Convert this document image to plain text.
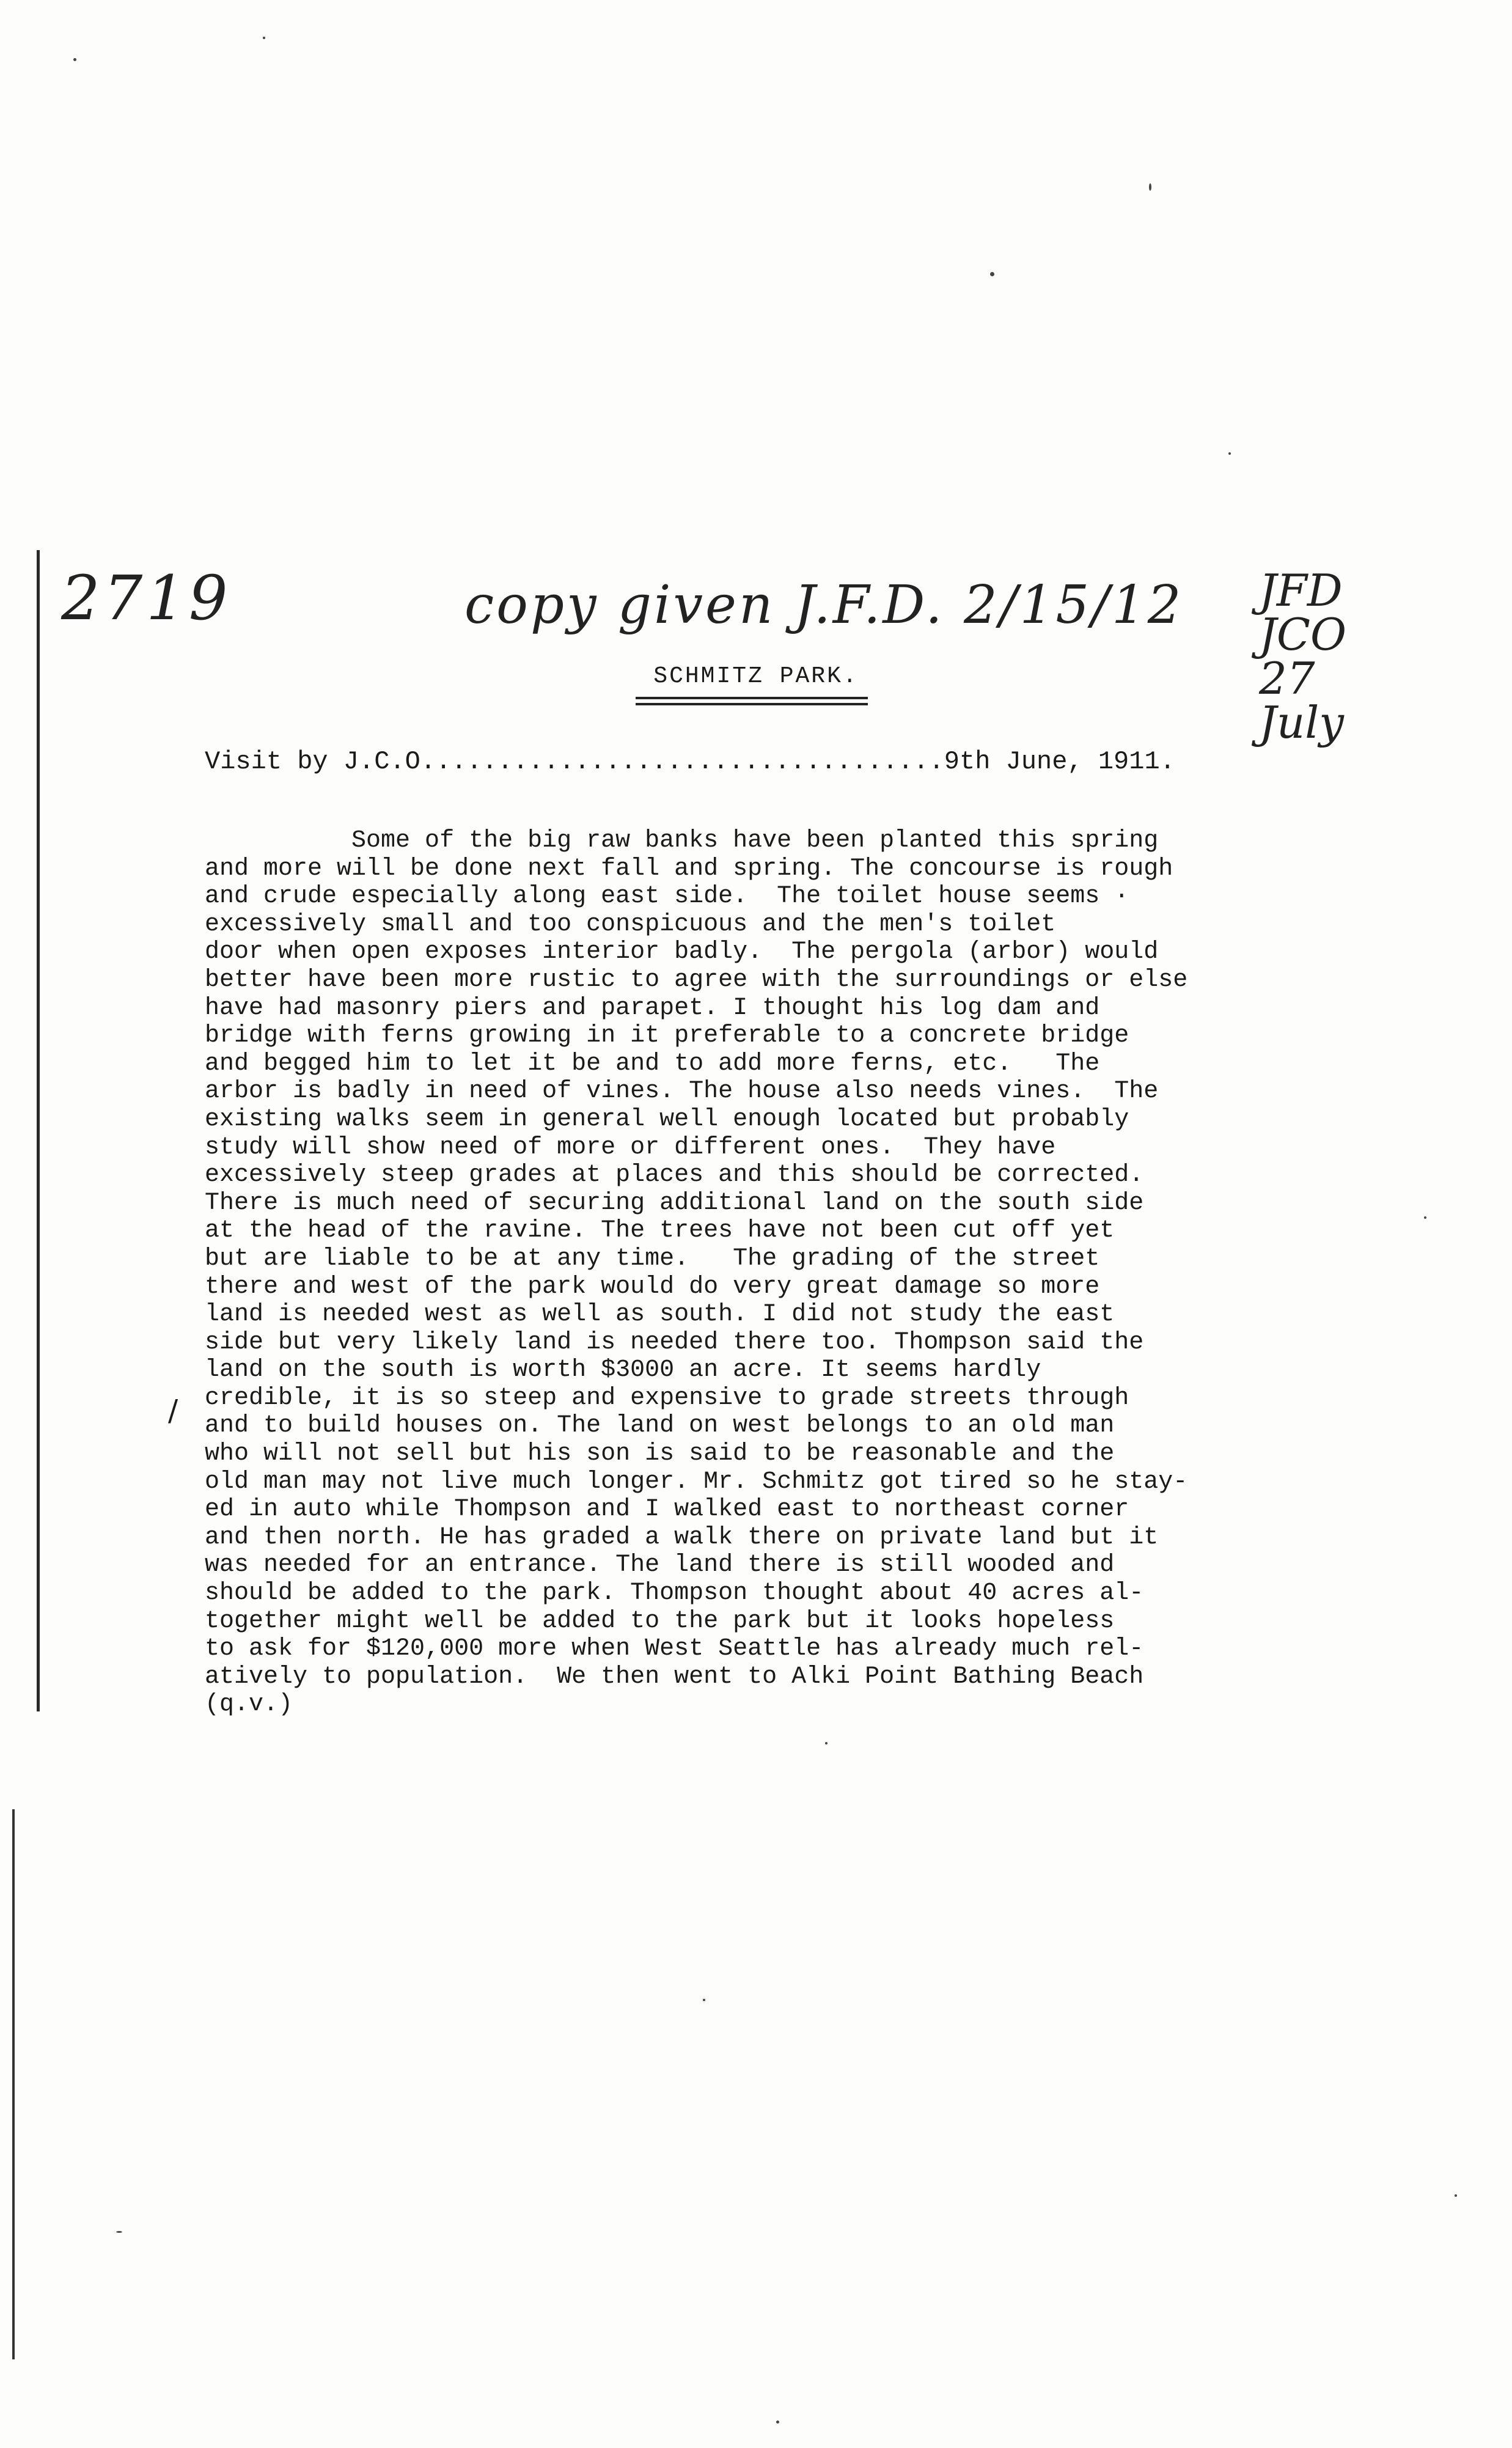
2719	copy given J.F.D. 2/15/12 JFD
JCO
27 July
SCHMITZ PARK.
Visit by J.C.O..................................9th June, 1911.
Some of the big raw banks have been planted this spring
and more will be done next fall and spring. The concourse is rough
and crude especially along east side.  The toilet house seems ·
excessively small and too conspicuous and the men's toilet
door when open exposes interior badly.  The pergola (arbor) would
better have been more rustic to agree with the surroundings or else
have had masonry piers and parapet. I thought his log dam and
bridge with ferns growing in it preferable to a concrete bridge
and begged him to let it be and to add more ferns, etc.   The
arbor is badly in need of vines. The house also needs vines.  The
existing walks seem in general well enough located but probably
study will show need of more or different ones.  They have
excessively steep grades at places and this should be corrected.
There is much need of securing additional land on the south side
at the head of the ravine. The trees have not been cut off yet
but are liable to be at any time.   The grading of the street
there and west of the park would do very great damage so more
land is needed west as well as south. I did not study the east
side but very likely land is needed there too. Thompson said the
land on the south is worth $3000 an acre. It seems hardly
credible, it is so steep and expensive to grade streets through
and to build houses on. The land on west belongs to an old man
who will not sell but his son is said to be reasonable and the
old man may not live much longer. Mr. Schmitz got tired so he stay-
ed in auto while Thompson and I walked east to northeast corner
and then north. He has graded a walk there on private land but it
was needed for an entrance. The land there is still wooded and
should be added to the park. Thompson thought about 40 acres al-
together might well be added to the park but it looks hopeless
to ask for $120,000 more when West Seattle has already much rel-
atively to population.  We then went to Alki Point Bathing Beach
(q.v.)
/
